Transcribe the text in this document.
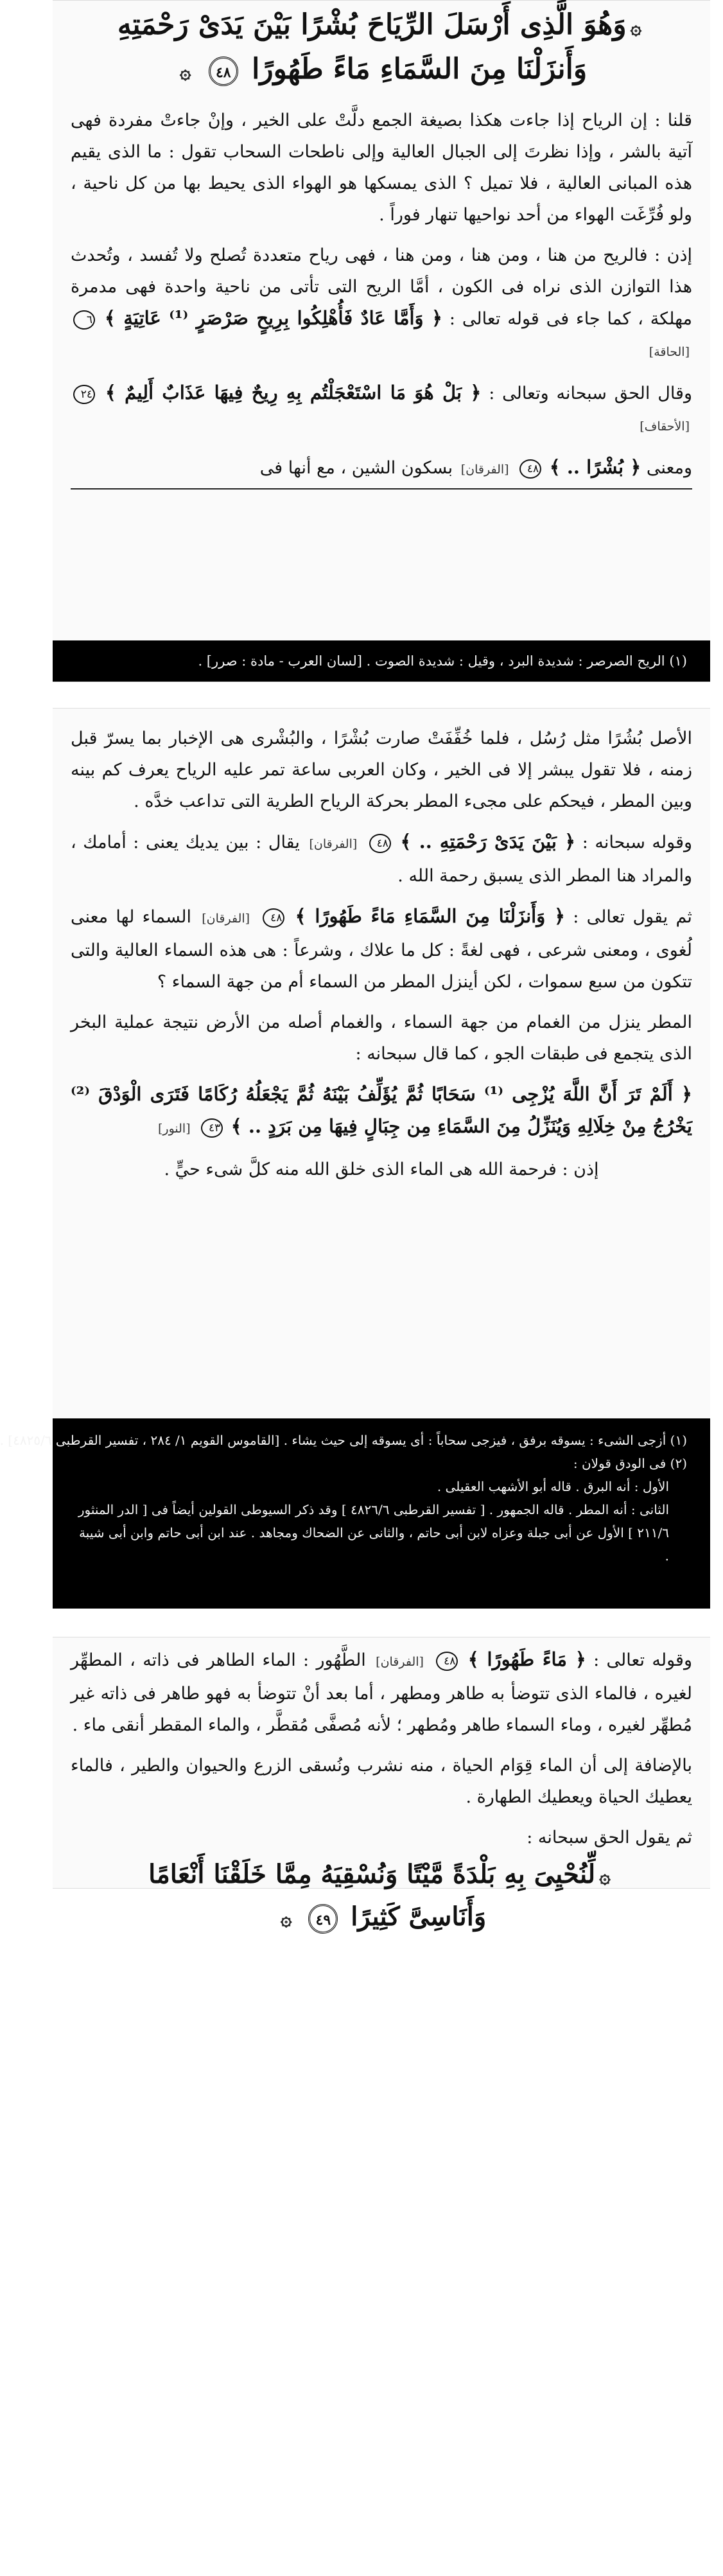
۞وَهُوَ الَّذِى أَرْسَلَ الرِّيَاحَ بُشْرًا بَيْنَ يَدَىْ رَحْمَتِهِ
وَأَنزَلْنَا مِنَ السَّمَاءِ مَاءً طَهُورًا ٤٨ ۞

قلنا : إن الرياح إذا جاءت هكذا بصيغة الجمع دلَّتْ على الخير ، وإنْ جاءتْ مفردة فهى آتية بالشر ، وإذا نظرتَ إلى الجبال العالية وإلى ناطحات السحاب تقول : ما الذى يقيم هذه المبانى العالية ، فلا تميل ؟ الذى يمسكها هو الهواء الذى يحيط بها من كل ناحية ، ولو فُرِّغَت الهواء من أحد نواحيها تنهار فوراً .

إذن : فالريح من هنا ، ومن هنا ، ومن هنا ، فهى رياح متعددة تُصلح ولا تُفسد ، وتُحدث هذا التوازن الذى نراه فى الكون ، أمَّا الريح التى تأتى من ناحية واحدة فهى مدمرة مهلكة ، كما جاء فى قوله تعالى : ﴿ وَأَمَّا عَادٌ فَأُهْلِكُوا بِرِيحٍ صَرْصَرٍ ⁽¹⁾ عَاتِيَةٍ ﴾ ٦ [الحاقة]

وقال الحق سبحانه وتعالى : ﴿ بَلْ هُوَ مَا اسْتَعْجَلْتُم بِهِ رِيحٌ فِيهَا عَذَابٌ أَلِيمٌ ﴾ ٢٤ [الأحقاف]

ومعنى ﴿ بُشْرًا .. ﴾ ٤٨ [الفرقان] بسكون الشين ، مع أنها فى

(١) الريح الصرصر : شديدة البرد ، وقيل : شديدة الصوت . [لسان العرب - مادة : صرر] .

الأصل بُشُرًا مثل رُسُل ، فلما خُفِّفَتْ صارت بُشْرًا ، والبُشْرى هى الإخبار بما يسرّ قبل زمنه ، فلا تقول يبشر إلا فى الخير ، وكان العربى ساعة تمر عليه الرياح يعرف كم بينه وبين المطر ، فيحكم على مجىء المطر بحركة الرياح الطرية التى تداعب خدَّه .

وقوله سبحانه : ﴿ بَيْنَ يَدَىْ رَحْمَتِهِ .. ﴾ ٤٨ [الفرقان] يقال : بين يديك يعنى : أمامك ، والمراد هنا المطر الذى يسبق رحمة الله .

ثم يقول تعالى : ﴿ وَأَنزَلْنَا مِنَ السَّمَاءِ مَاءً طَهُورًا ﴾ ٤٨ [الفرقان] السماء لها معنى لُغوى ، ومعنى شرعى ، فهى لغةً : كل ما علاك ، وشرعاً : هى هذه السماء العالية والتى تتكون من سبع سموات ، لكن أينزل المطر من السماء أم من جهة السماء ؟

المطر ينزل من الغمام من جهة السماء ، والغمام أصله من الأرض نتيجة عملية البخر الذى يتجمع فى طبقات الجو ، كما قال سبحانه :

﴿ أَلَمْ تَرَ أَنَّ اللَّهَ يُزْجِى ⁽¹⁾ سَحَابًا ثُمَّ يُؤَلِّفُ بَيْنَهُ ثُمَّ يَجْعَلُهُ رُكَامًا فَتَرَى الْوَدْقَ ⁽²⁾ يَخْرُجُ مِنْ خِلَالِهِ وَيُنَزِّلُ مِنَ السَّمَاءِ مِن جِبَالٍ فِيهَا مِن بَرَدٍ .. ﴾ ٤٣ [النور]

إذن : فرحمة الله هى الماء الذى خلق الله منه كلَّ شىء حيٍّ .

(١) أزجى الشىء : يسوقه برفق ، فيزجى سحاباً : أى يسوقه إلى حيث يشاء . [القاموس القويم ١/ ٢٨٤ ، تفسير القرطبى ٤٨٢٥/٦] .
(٢) فى الودق قولان :
الأول : أنه البرق . قاله أبو الأشهب العقيلى .
الثانى : أنه المطر . قاله الجمهور . [ تفسير القرطبى ٤٨٢٦/٦ ] وقد ذكر السيوطى القولين أيضاً فى [ الدر المنثور ٢١١/٦ ] الأول عن أبى جبلة وعزاه لابن أبى حاتم ، والثانى عن الضحاك ومجاهد . عند ابن أبى حاتم وابن أبى شيبة .

وقوله تعالى : ﴿ مَاءً طَهُورًا ﴾ ٤٨ [الفرقان] الطَّهُور : الماء الطاهر فى ذاته ، المطهِّر لغيره ، فالماء الذى تتوضأ به طاهر ومطهر ، أما بعد أنْ تتوضأ به فهو طاهر فى ذاته غير مُطهِّر لغيره ، وماء السماء طاهر ومُطهر ؛ لأنه مُصفَّى مُقطَّر ، والماء المقطر أنقى ماء .

بالإضافة إلى أن الماء قِوَام الحياة ، منه نشرب ونُسقى الزرع والحيوان والطير ، فالماء يعطيك الحياة ويعطيك الطهارة .

ثم يقول الحق سبحانه :

۞لِّنُحْيِىَ بِهِ بَلْدَةً مَّيْتًا وَنُسْقِيَهُ مِمَّا خَلَقْنَا أَنْعَامًا
وَأَنَاسِىَّ كَثِيرًا ٤٩ ۞
